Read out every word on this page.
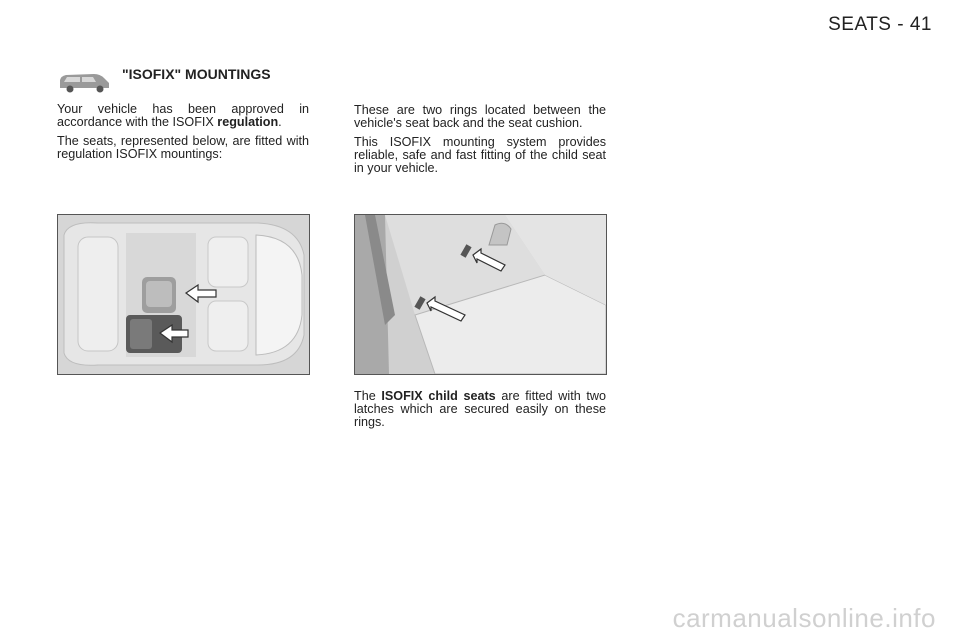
SEATS - 41
"ISOFIX" MOUNTINGS

Your vehicle has been approved in accordance with the ISOFIX regulation.

The seats, represented below, are fitted with regulation ISOFIX mountings:

These are two rings located between the vehicle's seat back and the seat cushion.

This ISOFIX mounting system provides reliable, safe and fast fitting of the child seat in your vehicle.

The ISOFIX child seats are fitted with two latches which are secured easily on these rings.

carmanualsonline.info
